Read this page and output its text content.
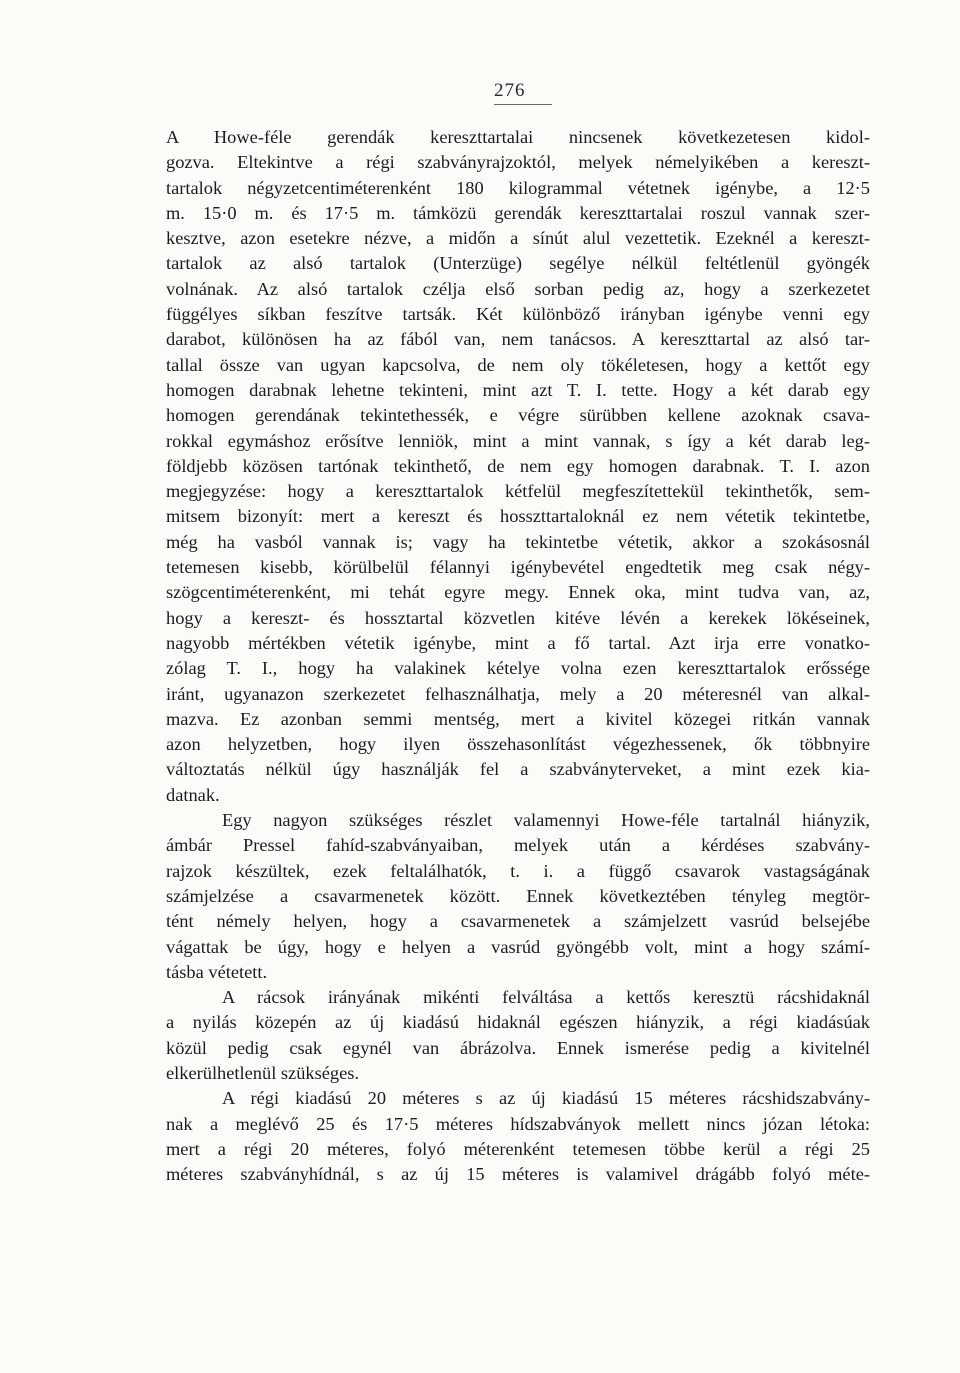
276
A Howe-féle gerendák kereszttartalai nincsenek következetesen kidol-
gozva. Eltekintve a régi szabványrajzoktól, melyek némelyikében a kereszt-
tartalok négyzetcentiméterenként 180 kilogrammal vétetnek igénybe, a 12·5
m. 15·0 m. és 17·5 m. támközü gerendák kereszttartalai roszul vannak szer-
kesztve, azon esetekre nézve, a midőn a sínút alul vezettetik. Ezeknél a kereszt-
tartalok az alsó tartalok (Unterzüge) segélye nélkül feltétlenül gyöngék
volnának. Az alsó tartalok czélja első sorban pedig az, hogy a szerkezetet
függélyes síkban feszítve tartsák. Két különböző irányban igénybe venni egy
darabot, különösen ha az fából van, nem tanácsos. A kereszttartal az alsó tar-
tallal össze van ugyan kapcsolva, de nem oly tökéletesen, hogy a kettőt egy
homogen darabnak lehetne tekinteni, mint azt T. I. tette. Hogy a két darab egy
homogen gerendának tekintethessék, e végre sürübben kellene azoknak csava-
rokkal egymáshoz erősítve lenniök, mint a mint vannak, s így a két darab leg-
földjebb közösen tartónak tekinthető, de nem egy homogen darabnak. T. I. azon
megjegyzése: hogy a kereszttartalok kétfelül megfeszítettekül tekinthetők, sem-
mitsem bizonyít: mert a kereszt és hosszttartaloknál ez nem vétetik tekintetbe,
még ha vasból vannak is; vagy ha tekintetbe vétetik, akkor a szokásosnál
tetemesen kisebb, körülbelül félannyi igénybevétel engedtetik meg csak négy-
szögcentiméterenként, mi tehát egyre megy. Ennek oka, mint tudva van, az,
hogy a kereszt- és hossztartal közvetlen kitéve lévén a kerekek lökéseinek,
nagyobb mértékben vétetik igénybe, mint a fő tartal. Azt irja erre vonatko-
zólag T. I., hogy ha valakinek kételye volna ezen kereszttartalok erőssége
iránt, ugyanazon szerkezetet felhasználhatja, mely a 20 méteresnél van alkal-
mazva. Ez azonban semmi mentség, mert a kivitel közegei ritkán vannak
azon helyzetben, hogy ilyen összehasonlítást végezhessenek, ők többnyire
változtatás nélkül úgy használják fel a szabványterveket, a mint ezek kia-
datnak.
Egy nagyon szükséges részlet valamennyi Howe-féle tartalnál hiányzik,
ámbár Pressel fahíd-szabványaiban, melyek után a kérdéses szabvány-
rajzok készültek, ezek feltalálhatók, t. i. a függő csavarok vastagságának
számjelzése a csavarmenetek között. Ennek következtében tényleg megtör-
tént némely helyen, hogy a csavarmenetek a számjelzett vasrúd belsejébe
vágattak be úgy, hogy e helyen a vasrúd gyöngébb volt, mint a hogy számí-
tásba vétetett.
A rácsok irányának mikénti felváltása a kettős keresztü rácshidaknál
a nyilás közepén az új kiadású hidaknál egészen hiányzik, a régi kiadásúak
közül pedig csak egynél van ábrázolva. Ennek ismerése pedig a kivitelnél
elkerülhetlenül szükséges.
A régi kiadású 20 méteres s az új kiadású 15 méteres rácshidszabvány-
nak a meglévő 25 és 17·5 méteres hídszabványok mellett nincs józan létoka:
mert a régi 20 méteres, folyó méterenként tetemesen többe kerül a régi 25
méteres szabványhídnál, s az új 15 méteres is valamivel drágább folyó méte-
